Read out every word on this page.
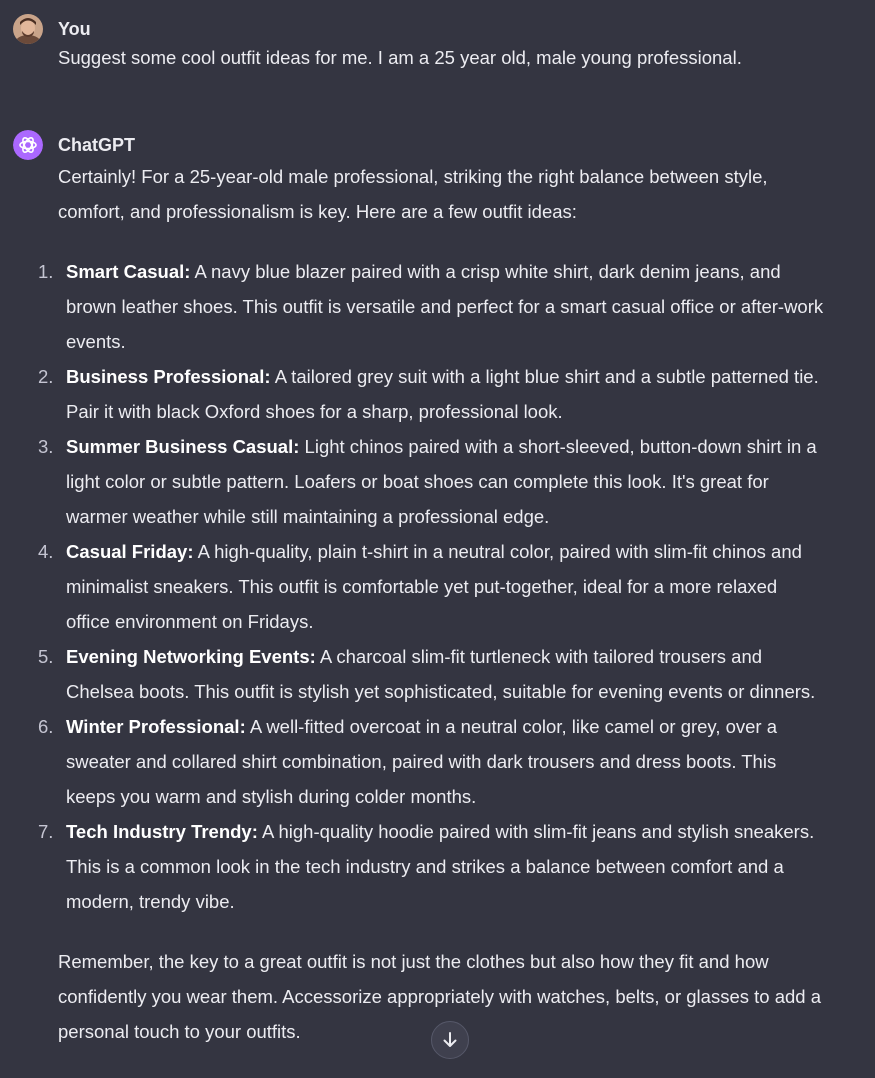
You
Suggest some cool outfit ideas for me. I am a 25 year old, male young professional.
ChatGPT

Certainly! For a 25-year-old male professional, striking the right balance between style, comfort, and professionalism is key. Here are a few outfit ideas:

1. Smart Casual: A navy blue blazer paired with a crisp white shirt, dark denim jeans, and brown leather shoes. This outfit is versatile and perfect for a smart casual office or after-work events.
2. Business Professional: A tailored grey suit with a light blue shirt and a subtle patterned tie. Pair it with black Oxford shoes for a sharp, professional look.
3. Summer Business Casual: Light chinos paired with a short-sleeved, button-down shirt in a light color or subtle pattern. Loafers or boat shoes can complete this look. It's great for warmer weather while still maintaining a professional edge.
4. Casual Friday: A high-quality, plain t-shirt in a neutral color, paired with slim-fit chinos and minimalist sneakers. This outfit is comfortable yet put-together, ideal for a more relaxed office environment on Fridays.
5. Evening Networking Events: A charcoal slim-fit turtleneck with tailored trousers and Chelsea boots. This outfit is stylish yet sophisticated, suitable for evening events or dinners.
6. Winter Professional: A well-fitted overcoat in a neutral color, like camel or grey, over a sweater and collared shirt combination, paired with dark trousers and dress boots. This keeps you warm and stylish during colder months.
7. Tech Industry Trendy: A high-quality hoodie paired with slim-fit jeans and stylish sneakers. This is a common look in the tech industry and strikes a balance between comfort and a modern, trendy vibe.

Remember, the key to a great outfit is not just the clothes but also how they fit and how confidently you wear them. Accessorize appropriately with watches, belts, or glasses to add a personal touch to your outfits.
